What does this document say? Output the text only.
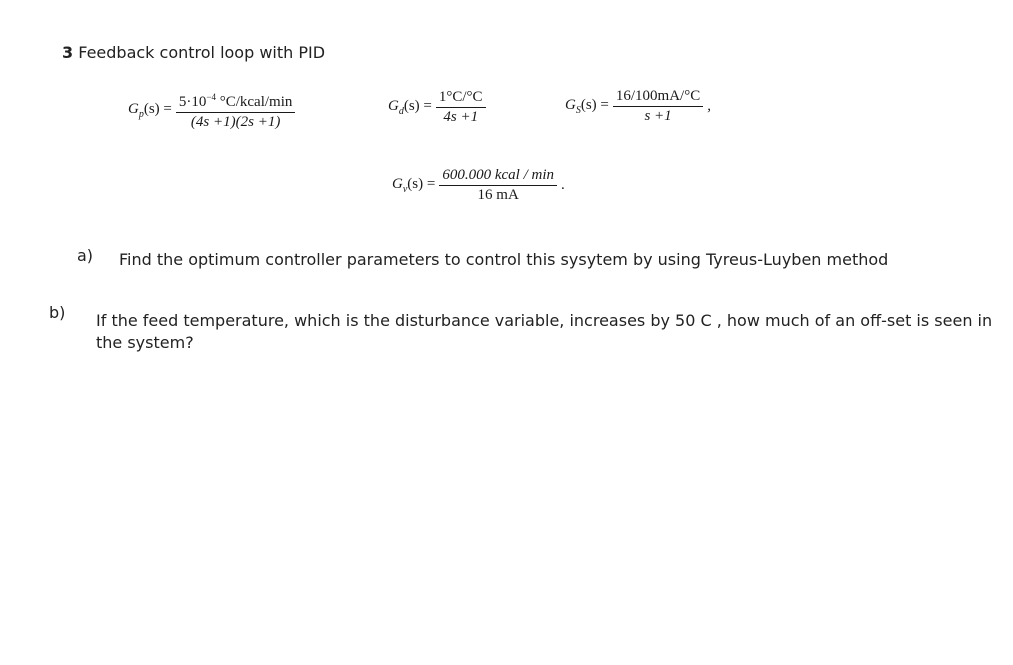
3 Feedback control loop with PID
$G_p(s) = \frac{5\cdot 10^{-4} ^\circ C/kcal/\min}{(4s +1)(2s +1)}$	$G_d(s) = \frac{1^\circ C/^\circ C}{4s +1}$	$G_S(s) = \frac{16/100mA/^\circ C}{s +1}$ ,
$G_v(s) = \frac{\text{600.000 kcal / min}}{16 mA}$ .
a) Find the optimum controller parameters to control this sysytem by using Tyreus-Luyben method
b) If the feed temperature, which is the disturbance variable, increases by 50 C , how much of an off-set is seen in the system?
